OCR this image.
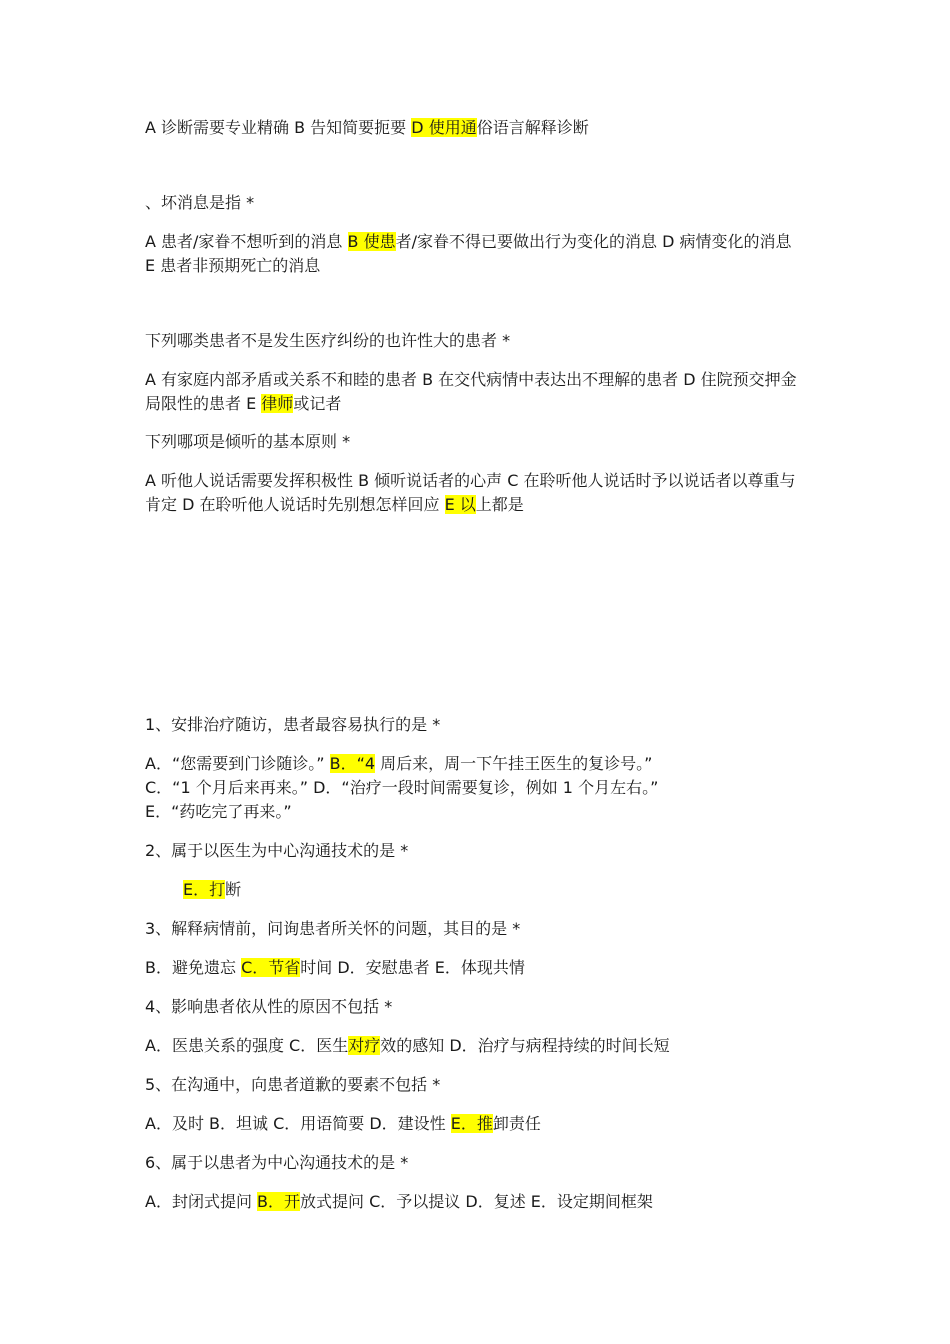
A 诊断需要专业精确 B 告知简要扼要 D 使用通俗语言解释诊断
、坏消息是指 *
A 患者/家眷不想听到的消息 B 使患者/家眷不得已要做出行为变化的消息 D 病情变化的消息 E 患者非预期死亡的消息
下列哪类患者不是发生医疗纠纷的也许性大的患者 *
A 有家庭内部矛盾或关系不和睦的患者 B 在交代病情中表达出不理解的患者 D 住院预交押金局限性的患者 E 律师或记者
下列哪项是倾听的基本原则 *
A 听他人说话需要发挥积极性 B 倾听说话者的心声 C 在聆听他人说话时予以说话者以尊重与肯定 D 在聆听他人说话时先别想怎样回应 E 以上都是
1、安排治疗随访，患者最容易执行的是 *
A．“您需要到门诊随诊。” B．“4 周后来，周一下午挂王医生的复诊号。”
C．“1 个月后来再来。” D．“治疗一段时间需要复诊，例如 1 个月左右。”
E．“药吃完了再来。”
2、属于以医生为中心沟通技术的是 *
E．打断
3、解释病情前，问询患者所关怀的问题，其目的是 *
B．避免遗忘 C．节省时间 D．安慰患者 E．体现共情
4、影响患者依从性的原因不包括 *
A．医患关系的强度 C．医生对疗效的感知 D．治疗与病程持续的时间长短
5、在沟通中，向患者道歉的要素不包括 *
A．及时 B．坦诚 C．用语简要 D．建设性 E．推卸责任
6、属于以患者为中心沟通技术的是 *
A．封闭式提问 B．开放式提问 C．予以提议 D．复述 E．设定期间框架
